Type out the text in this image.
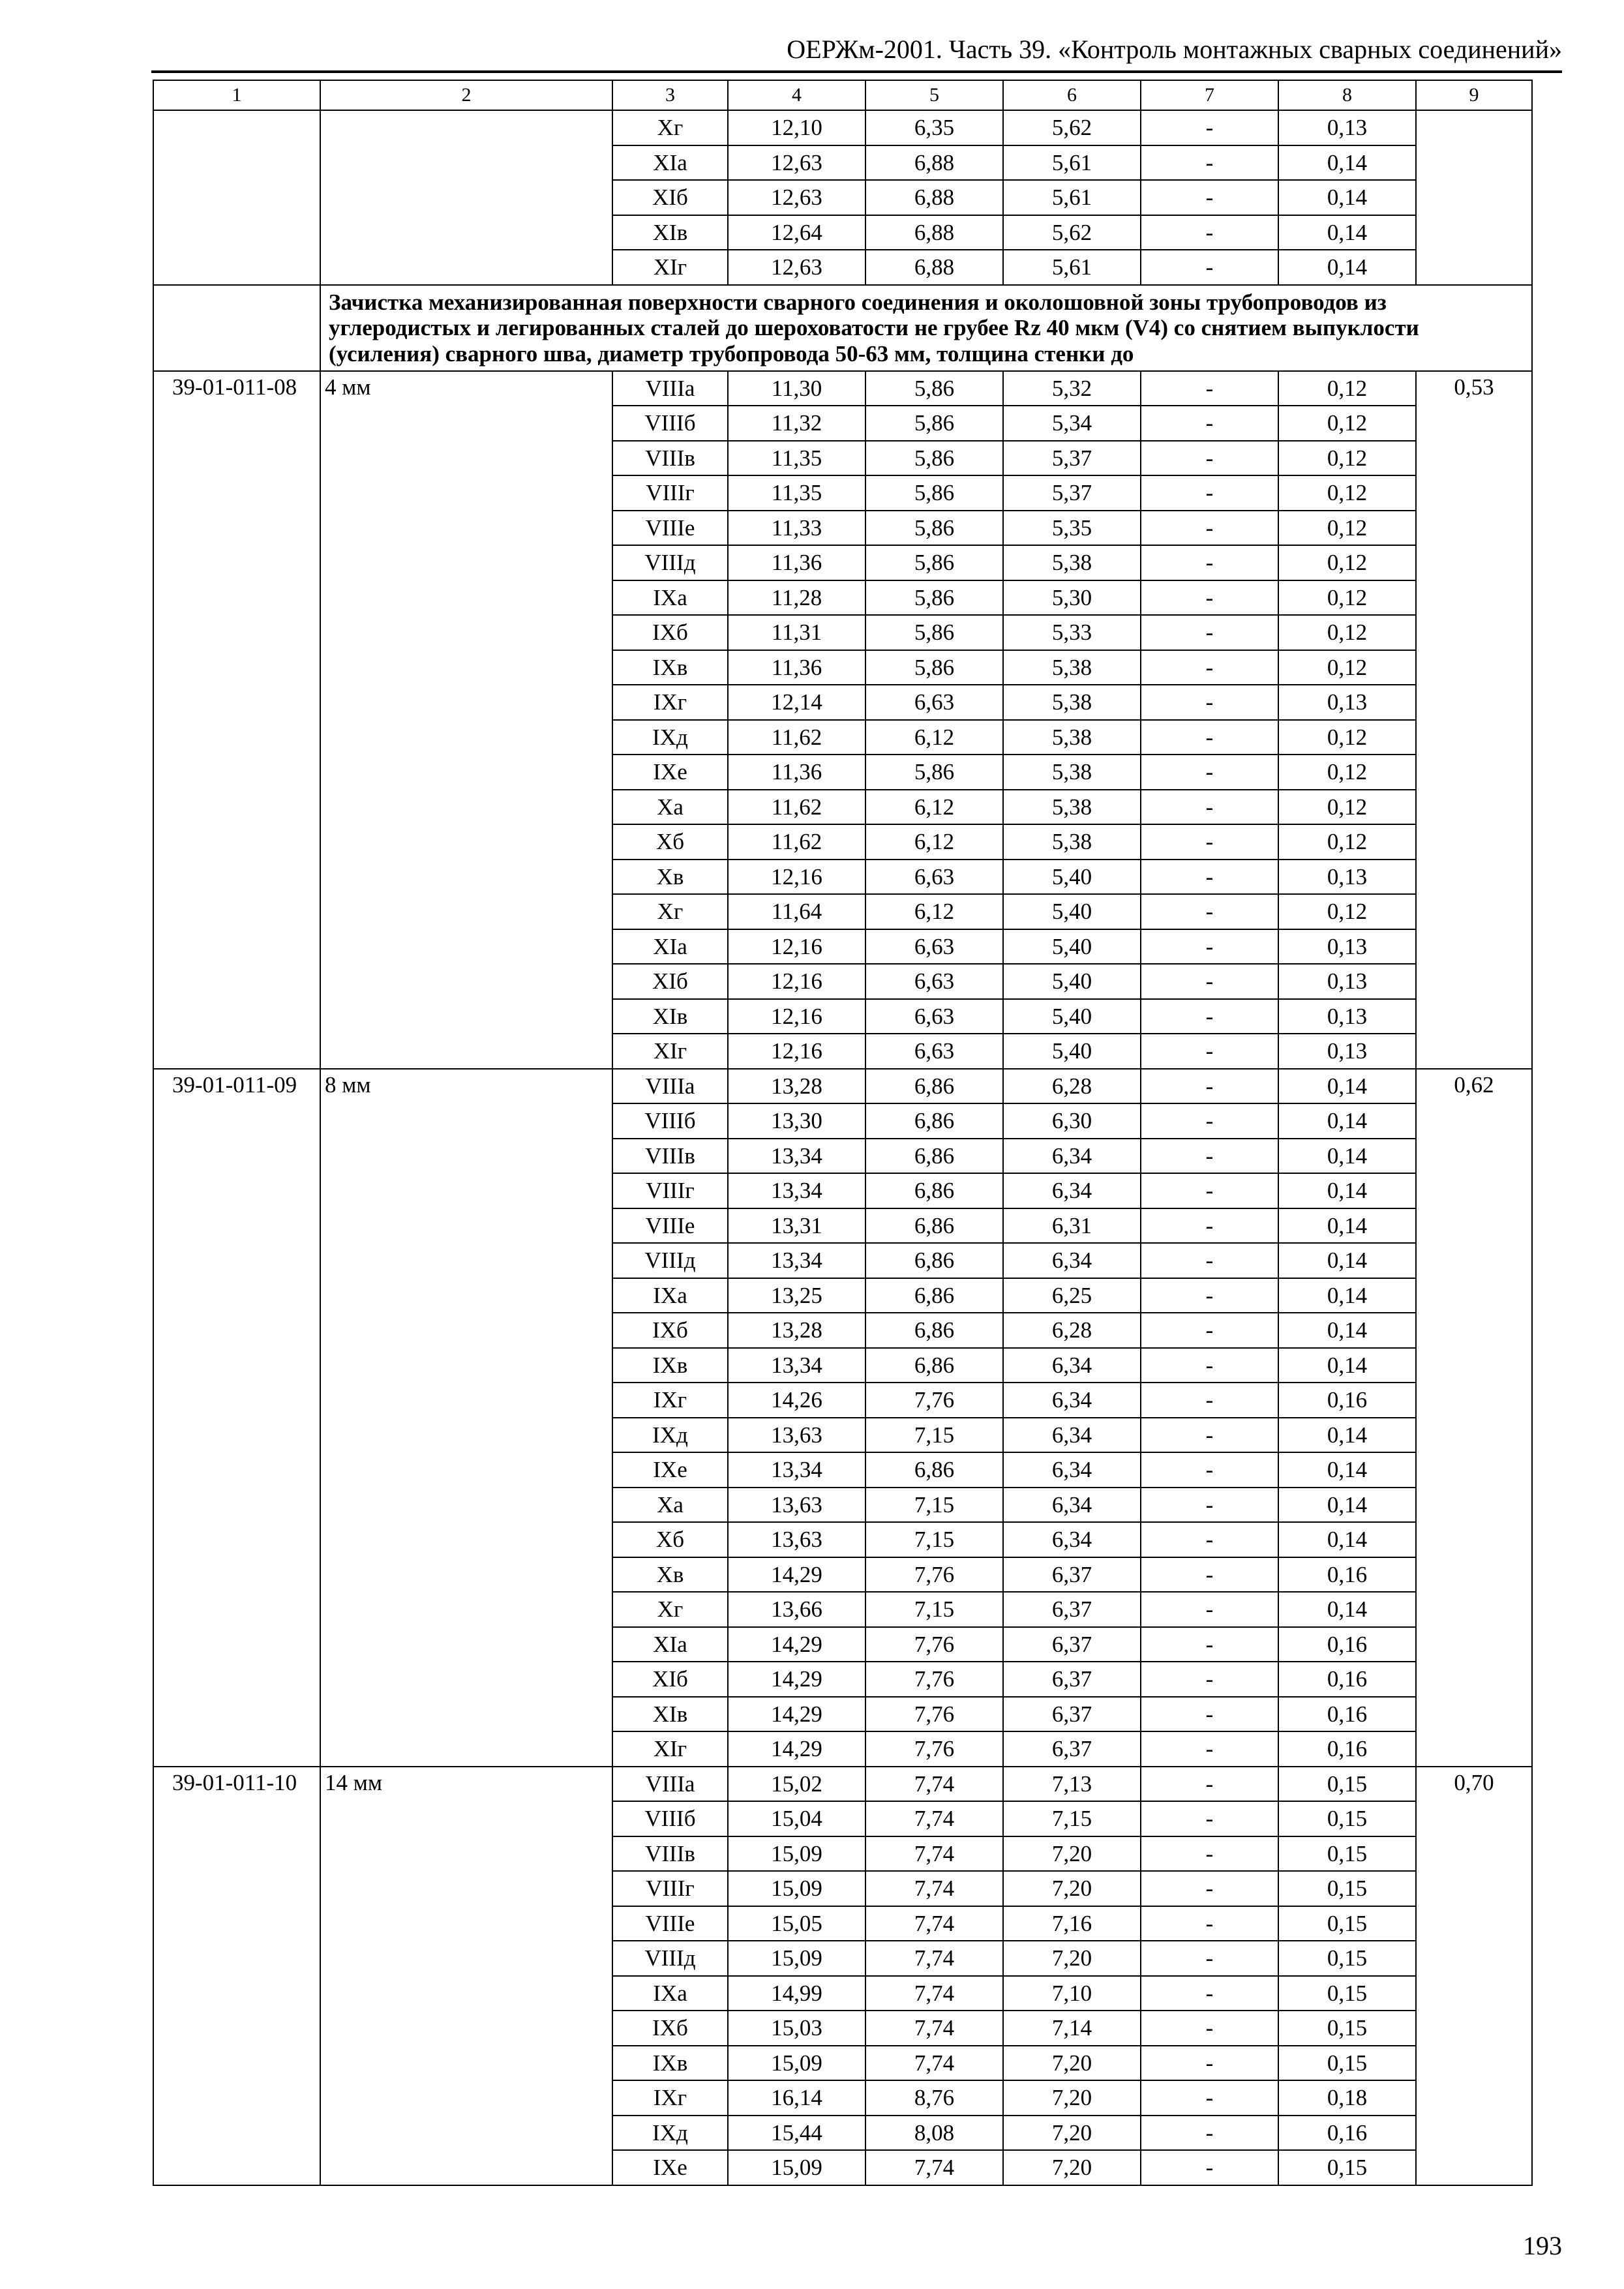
ОЕРЖм-2001. Часть 39. «Контроль монтажных сварных соединений»
1	2	3	4	5	6	7	8	9
		Xг	12,10	6,35	5,62	-	0,13	
		XIа	12,63	6,88	5,61	-	0,14	
		XIб	12,63	6,88	5,61	-	0,14	
		XIв	12,64	6,88	5,62	-	0,14	
		XIг	12,63	6,88	5,61	-	0,14	
	Зачистка механизированная поверхности сварного соединения и околошовной зоны трубопроводов из углеродистых и легированных сталей до шероховатости не грубее Rz 40 мкм (V4) со снятием выпуклости (усиления) сварного шва, диаметр трубопровода 50-63 мм, толщина стенки до							
39-01-011-08	4 мм	VIIIа	11,30	5,86	5,32	-	0,12	0,53
		VIIIб	11,32	5,86	5,34	-	0,12	
		VIIIв	11,35	5,86	5,37	-	0,12	
		VIIIг	11,35	5,86	5,37	-	0,12	
		VIIIе	11,33	5,86	5,35	-	0,12	
		VIIIд	11,36	5,86	5,38	-	0,12	
		IXа	11,28	5,86	5,30	-	0,12	
		IXб	11,31	5,86	5,33	-	0,12	
		IXв	11,36	5,86	5,38	-	0,12	
		IXг	12,14	6,63	5,38	-	0,13	
		IXд	11,62	6,12	5,38	-	0,12	
		IXе	11,36	5,86	5,38	-	0,12	
		Xа	11,62	6,12	5,38	-	0,12	
		Xб	11,62	6,12	5,38	-	0,12	
		Xв	12,16	6,63	5,40	-	0,13	
		Xг	11,64	6,12	5,40	-	0,12	
		XIа	12,16	6,63	5,40	-	0,13	
		XIб	12,16	6,63	5,40	-	0,13	
		XIв	12,16	6,63	5,40	-	0,13	
		XIг	12,16	6,63	5,40	-	0,13	
39-01-011-09	8 мм	VIIIа	13,28	6,86	6,28	-	0,14	0,62
		VIIIб	13,30	6,86	6,30	-	0,14	
		VIIIв	13,34	6,86	6,34	-	0,14	
		VIIIг	13,34	6,86	6,34	-	0,14	
		VIIIе	13,31	6,86	6,31	-	0,14	
		VIIIд	13,34	6,86	6,34	-	0,14	
		IXа	13,25	6,86	6,25	-	0,14	
		IXб	13,28	6,86	6,28	-	0,14	
		IXв	13,34	6,86	6,34	-	0,14	
		IXг	14,26	7,76	6,34	-	0,16	
		IXд	13,63	7,15	6,34	-	0,14	
		IXе	13,34	6,86	6,34	-	0,14	
		Xа	13,63	7,15	6,34	-	0,14	
		Xб	13,63	7,15	6,34	-	0,14	
		Xв	14,29	7,76	6,37	-	0,16	
		Xг	13,66	7,15	6,37	-	0,14	
		XIа	14,29	7,76	6,37	-	0,16	
		XIб	14,29	7,76	6,37	-	0,16	
		XIв	14,29	7,76	6,37	-	0,16	
		XIг	14,29	7,76	6,37	-	0,16	
39-01-011-10	14 мм	VIIIа	15,02	7,74	7,13	-	0,15	0,70
		VIIIб	15,04	7,74	7,15	-	0,15	
		VIIIв	15,09	7,74	7,20	-	0,15	
		VIIIг	15,09	7,74	7,20	-	0,15	
		VIIIе	15,05	7,74	7,16	-	0,15	
		VIIIд	15,09	7,74	7,20	-	0,15	
		IXа	14,99	7,74	7,10	-	0,15	
		IXб	15,03	7,74	7,14	-	0,15	
		IXв	15,09	7,74	7,20	-	0,15	
		IXг	16,14	8,76	7,20	-	0,18	
		IXд	15,44	8,08	7,20	-	0,16	
		IXе	15,09	7,74	7,20	-	0,15	
193
